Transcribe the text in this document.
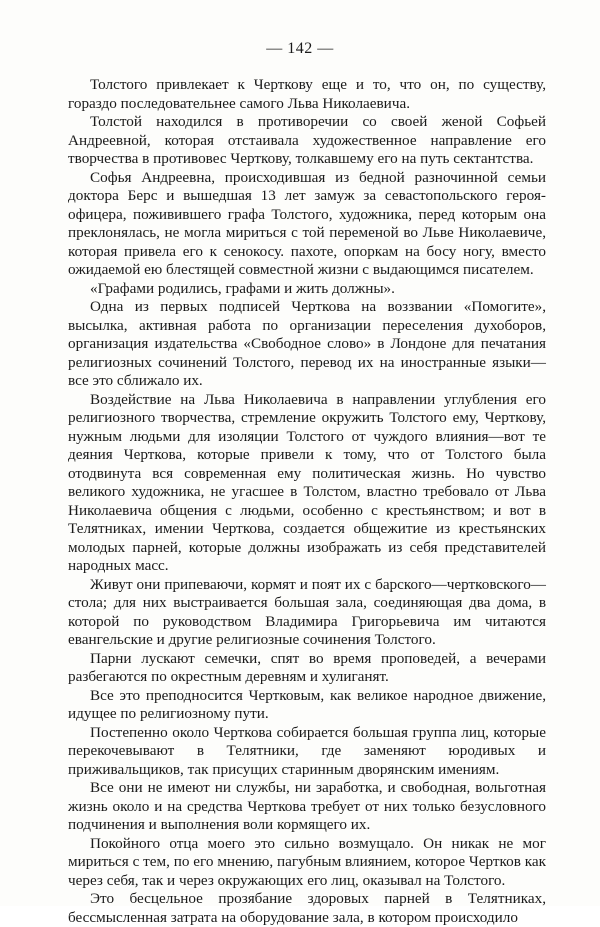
— 142 —

Толстого привлекает к Черткову еще и то, что он, по существу, гораздо последовательнее самого Льва Николаевича.

Толстой находился в противоречии со своей женой Софьей Андреевной, которая отстаивала художественное направление его творчества в противовес Черткову, толкавшему его на путь сектантства.

Софья Андреевна, происходившая из бедной разночинной семьи доктора Берс и вышедшая 13 лет замуж за севастопольского героя-офицера, поживившего графа Толстого, художника, перед которым она преклонялась, не могла мириться с той переменой во Льве Николаевиче, которая привела его к сенокосу. пахоте, опоркам на босу ногу, вместо ожидаемой ею блестящей совместной жизни с выдающимся писателем.

«Графами родились, графами и жить должны».

Одна из первых подписей Черткова на воззвании «Помогите», высылка, активная работа по организации переселения духоборов, организация издательства «Свободное слово» в Лондоне для печатания религиозных сочинений Толстого, перевод их на иностранные языки—все это сближало их.

Воздействие на Льва Николаевича в направлении углубления его религиозного творчества, стремление окружить Толстого ему, Черткову, нужным людьми для изоляции Толстого от чуждого влияния—вот те деяния Черткова, которые привели к тому, что от Толстого была отодвинута вся современная ему политическая жизнь. Но чувство великого художника, не угасшее в Толстом, властно требовало от Льва Николаевича общения с людьми, особенно с крестьянством; и вот в Телятниках, имении Черткова, создается общежитие из крестьянских молодых парней, которые должны изображать из себя представителей народных масс.

Живут они припеваючи, кормят и поят их с барского—чертковского—стола; для них выстраивается большая зала, соединяющая два дома, в которой по руководством Владимира Григорьевича им читаются евангельские и другие религиозные сочинения Толстого.

Парни лускают семечки, спят во время проповедей, а вечерами разбегаются по окрестным деревням и хулиганят.

Все это преподносится Чертковым, как великое народное движение, идущее по религиозному пути.

Постепенно около Черткова собирается большая группа лиц, которые перекочевывают в Телятники, где заменяют юродивых и приживальщиков, так присущих старинным дворянским имениям.

Все они не имеют ни службы, ни заработка, и свободная, вольготная жизнь около и на средства Черткова требует от них только безусловного подчинения и выполнения воли кормящего их.

Покойного отца моего это сильно возмущало. Он никак не мог мириться с тем, по его мнению, пагубным влиянием, которое Чертков как через себя, так и через окружающих его лиц, оказывал на Толстого.

Это бесцельное прозябание здоровых парней в Телятниках, бессмысленная затрата на оборудование зала, в котором происходило
